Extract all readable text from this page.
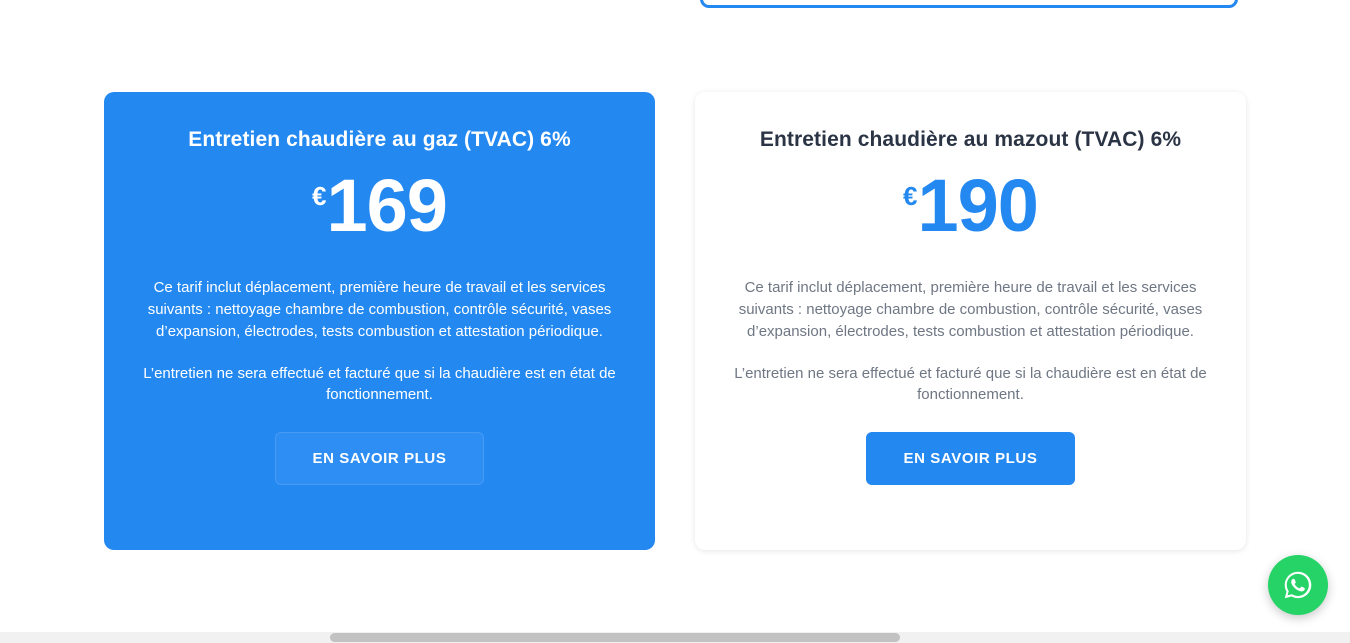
Entretien chaudière au gaz (TVAC) 6%
€ 169

Ce tarif inclut déplacement, première heure de travail et les services suivants : nettoyage chambre de combustion, contrôle sécurité, vases d’expansion, électrodes, tests combustion et attestation périodique.

L’entretien ne sera effectué et facturé que si la chaudière est en état de fonctionnement.

EN SAVOIR PLUS
Entretien chaudière au mazout (TVAC) 6%
€ 190

Ce tarif inclut déplacement, première heure de travail et les services suivants : nettoyage chambre de combustion, contrôle sécurité, vases d’expansion, électrodes, tests combustion et attestation périodique.

L’entretien ne sera effectué et facturé que si la chaudière est en état de fonctionnement.

EN SAVOIR PLUS
